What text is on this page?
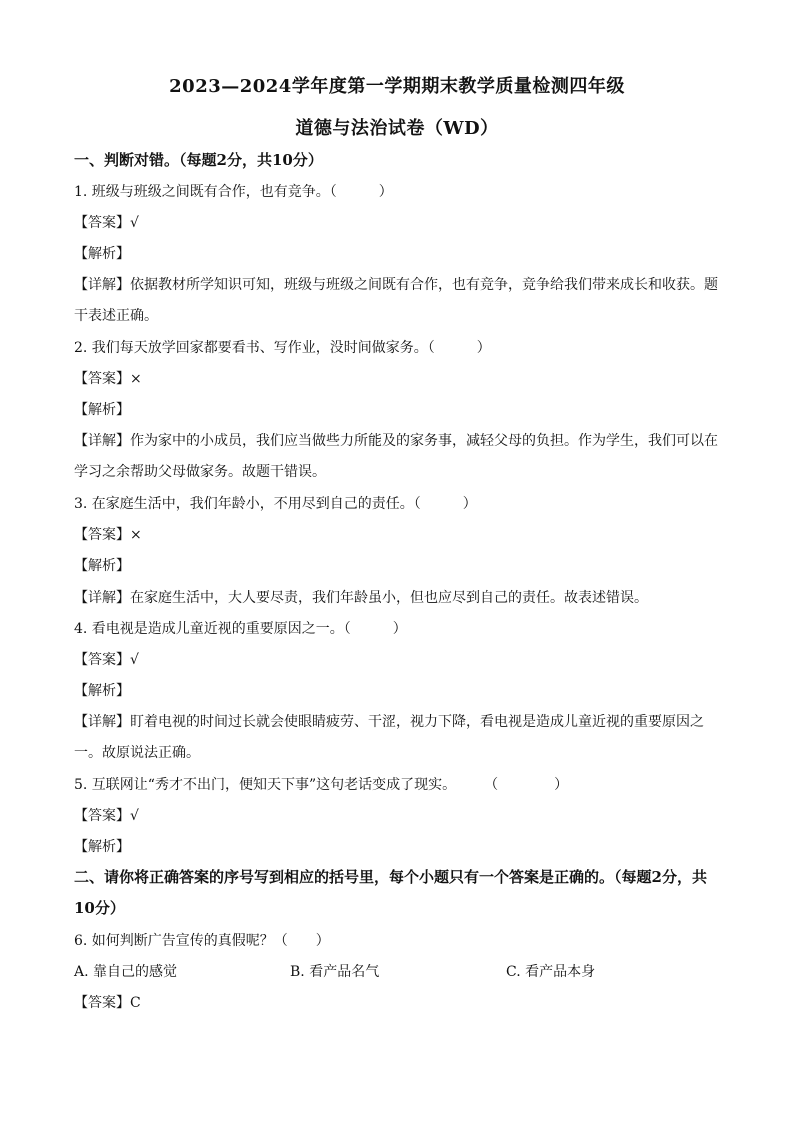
2023—2024学年度第一学期期末教学质量检测四年级
道德与法治试卷（WD）
一、判断对错。（每题2分，共10分）
1. 班级与班级之间既有合作，也有竞争。（　　　）
【答案】√
【解析】
【详解】依据教材所学知识可知，班级与班级之间既有合作，也有竞争，竞争给我们带来成长和收获。题干表述正确。
2. 我们每天放学回家都要看书、写作业，没时间做家务。（　　　）
【答案】×
【解析】
【详解】作为家中的小成员，我们应当做些力所能及的家务事，减轻父母的负担。作为学生，我们可以在学习之余帮助父母做家务。故题干错误。
3. 在家庭生活中，我们年龄小，不用尽到自己的责任。（　　　）
【答案】×
【解析】
【详解】在家庭生活中，大人要尽责，我们年龄虽小，但也应尽到自己的责任。故表述错误。
4. 看电视是造成儿童近视的重要原因之一。（　　　）
【答案】√
【解析】
【详解】盯着电视的时间过长就会使眼睛疲劳、干涩，视力下降，看电视是造成儿童近视的重要原因之一。故原说法正确。
5. 互联网让“秀才不出门，便知天下事”这句老话变成了现实。　　　（　　　　）
【答案】√
【解析】
二、请你将正确答案的序号写到相应的括号里，每个小题只有一个答案是正确的。（每题2分，共10分）
6. 如何判断广告宣传的真假呢？（　　）
A. 靠自己的感觉	B. 看产品名气	C. 看产品本身
【答案】C
